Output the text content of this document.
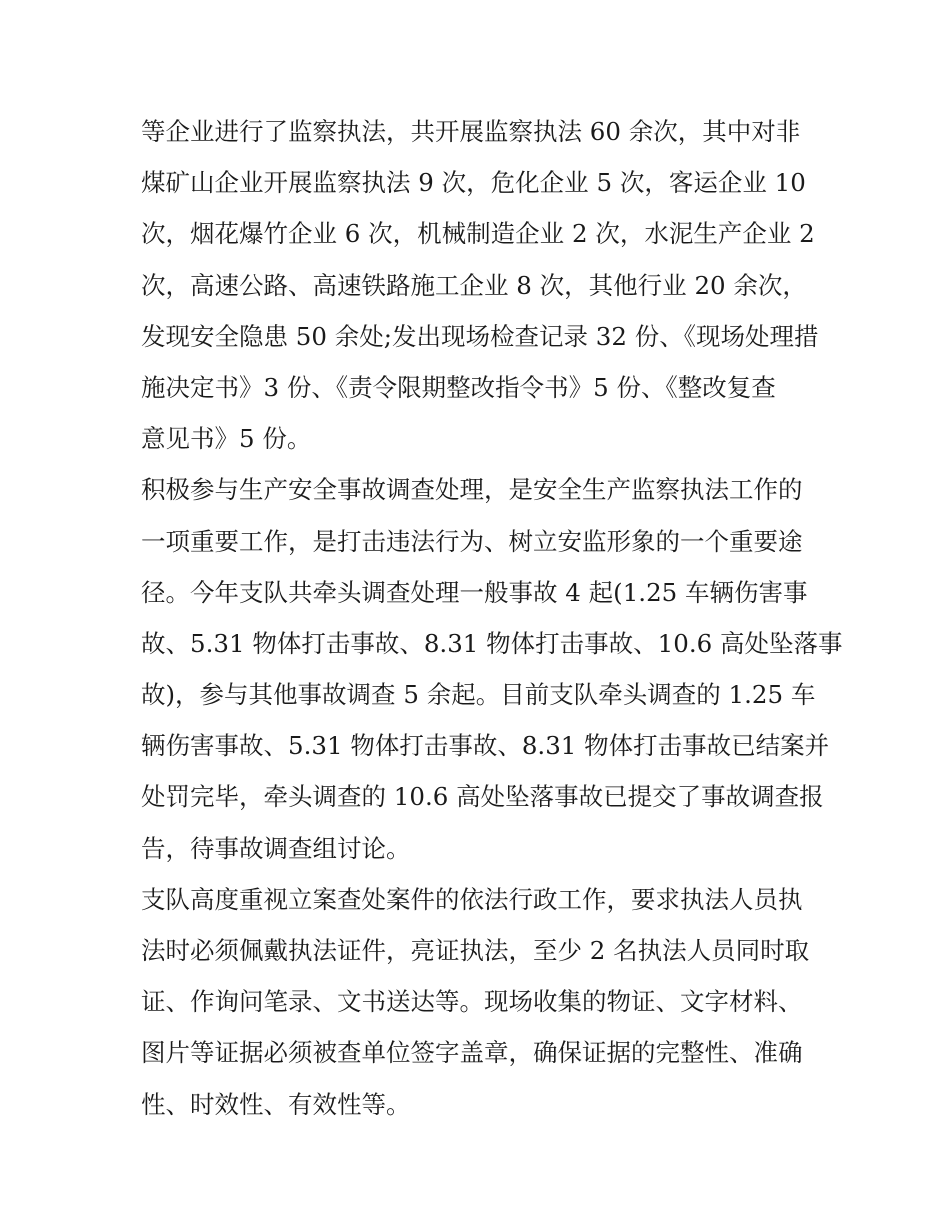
等企业进行了监察执法，共开展监察执法 60 余次，其中对非
煤矿山企业开展监察执法 9 次，危化企业 5 次，客运企业 10
次，烟花爆竹企业 6 次，机械制造企业 2 次，水泥生产企业 2
次，高速公路、高速铁路施工企业 8 次，其他行业 20 余次，
发现安全隐患 50 余处;发出现场检查记录 32 份、《现场处理措
施决定书》3 份、《责令限期整改指令书》5 份、《整改复查
意见书》5 份。
积极参与生产安全事故调查处理，是安全生产监察执法工作的
一项重要工作，是打击违法行为、树立安监形象的一个重要途
径。今年支队共牵头调查处理一般事故 4 起(1.25 车辆伤害事
故、5.31 物体打击事故、8.31 物体打击事故、10.6 高处坠落事
故)，参与其他事故调查 5 余起。目前支队牵头调查的 1.25 车
辆伤害事故、5.31 物体打击事故、8.31 物体打击事故已结案并
处罚完毕，牵头调查的 10.6 高处坠落事故已提交了事故调查报
告，待事故调查组讨论。
支队高度重视立案查处案件的依法行政工作，要求执法人员执
法时必须佩戴执法证件，亮证执法，至少 2 名执法人员同时取
证、作询问笔录、文书送达等。现场收集的物证、文字材料、
图片等证据必须被查单位签字盖章，确保证据的完整性、准确
性、时效性、有效性等。
